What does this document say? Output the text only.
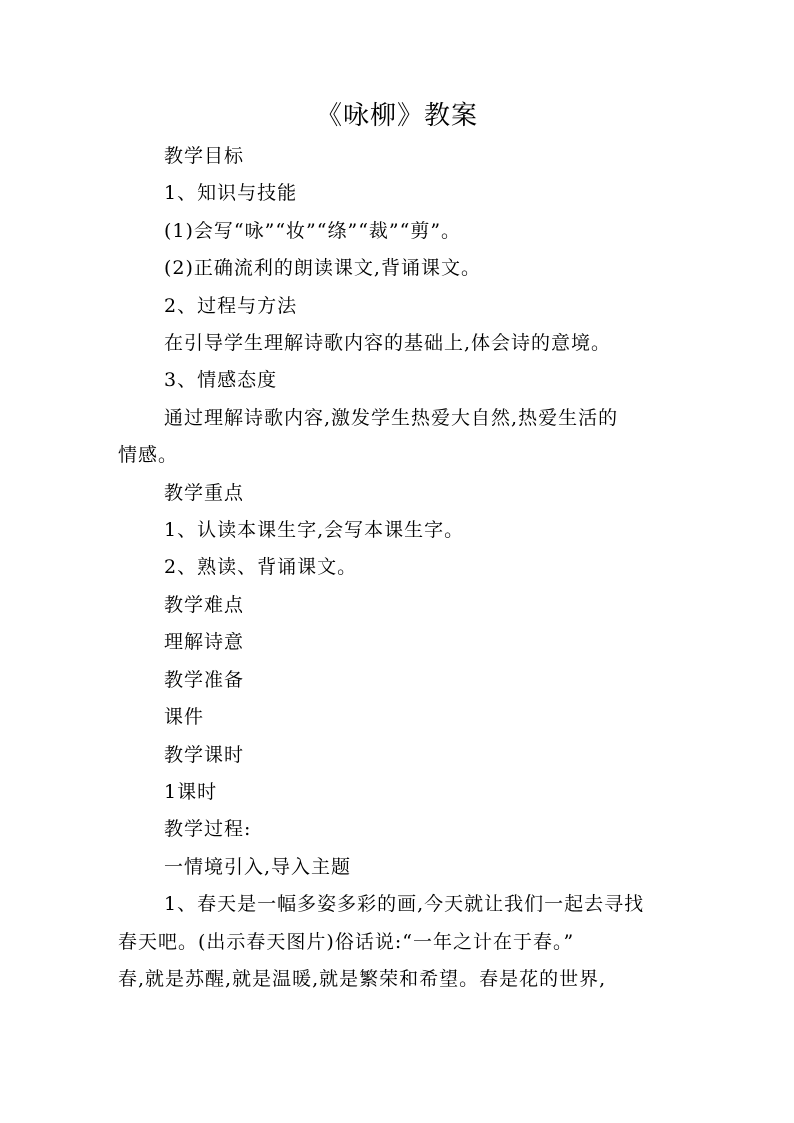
《咏柳》教案

教学目标

1、知识与技能

(1)会写“咏”“妆”“绦”“裁”“剪”。

(2)正确流利的朗读课文,背诵课文。

2、过程与方法

在引导学生理解诗歌内容的基础上,体会诗的意境。

3、情感态度

通过理解诗歌内容,激发学生热爱大自然,热爱生活的

情感。

教学重点

1、认读本课生字,会写本课生字。

2、熟读、背诵课文。

教学难点

理解诗意

教学准备

课件

教学课时

1课时

教学过程:

一情境引入,导入主题

1、春天是一幅多姿多彩的画,今天就让我们一起去寻找

春天吧。(出示春天图片)俗话说:“一年之计在于春。”

春,就是苏醒,就是温暖,就是繁荣和希望。春是花的世界,
